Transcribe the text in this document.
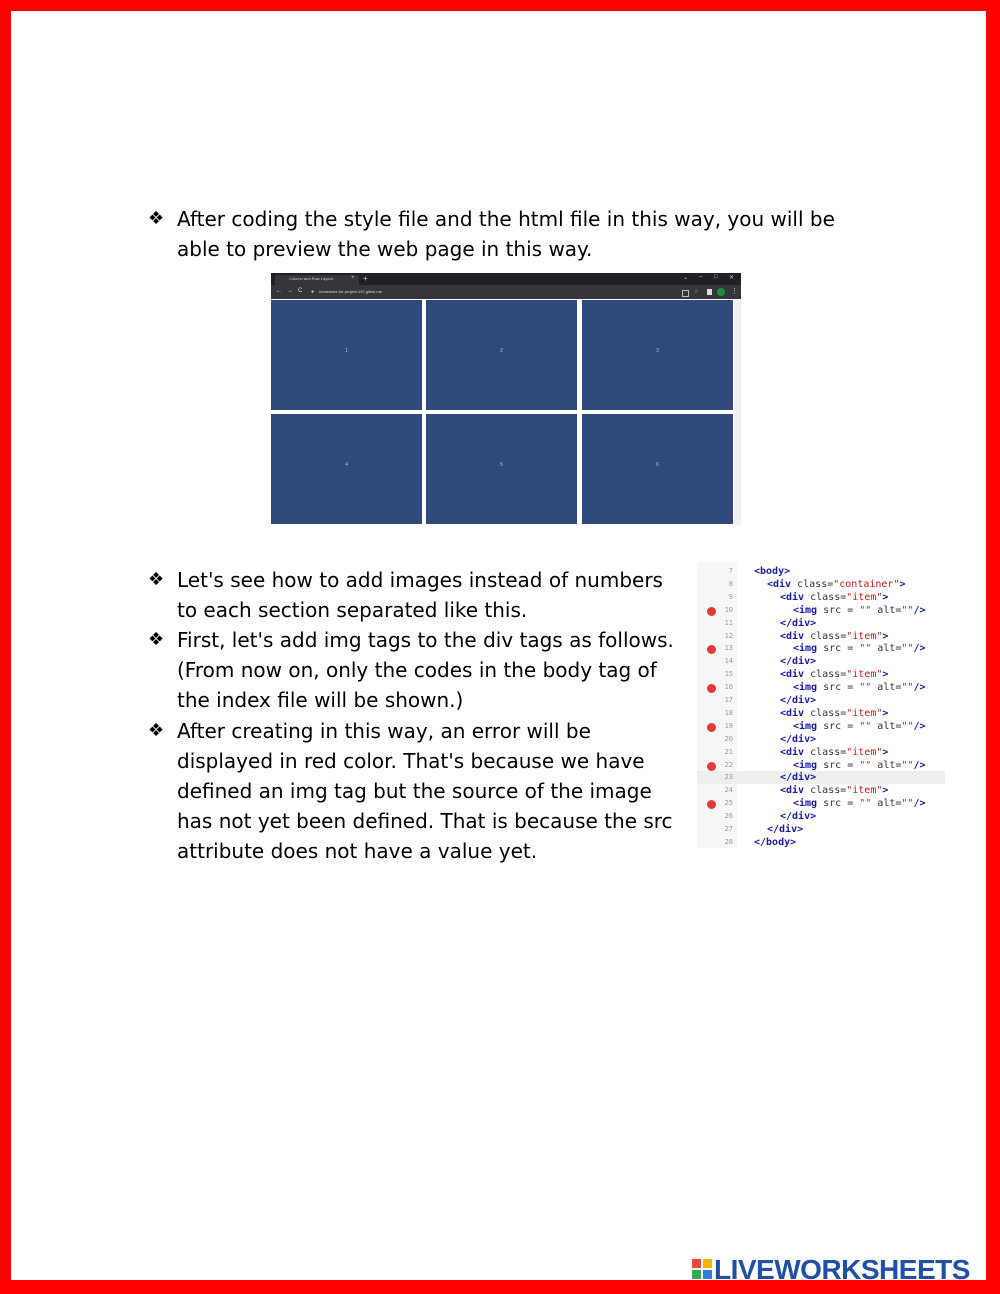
❖ After coding the style file and the html file in this way, you will be able to preview the web page in this way.
Column and Row Layout	× +	⌄ – □ ✕
← → C ● homework-for-project-197.glitch.me	☆	⋮
1	2	3
4	5	6
❖ Let's see how to add images instead of numbers to each section separated like this.
❖ First, let's add img tags to the div tags as follows. (From now on, only the codes in the body tag of the index file will be shown.)
❖ After creating in this way, an error will be displayed in red color. That's because we have defined an img tag but the source of the image has not yet been defined. That is because the src attribute does not have a value yet.
7 <body>
8	<div class="container">
9	<div class="item">
10	<img src = "" alt=""/>
11	</div>
12	<div class="item">
13	<img src = "" alt=""/>
14	</div>
15	<div class="item">
16	<img src = "" alt=""/>
17	</div>
18	<div class="item">
19	<img src = "" alt=""/>
20	</div>
21	<div class="item">
22	<img src = "" alt=""/>
23	</div>
24	<div class="item">
25	<img src = "" alt=""/>
26	</div>
27	</div>
28 </body>
LIVEWORKSHEETS
